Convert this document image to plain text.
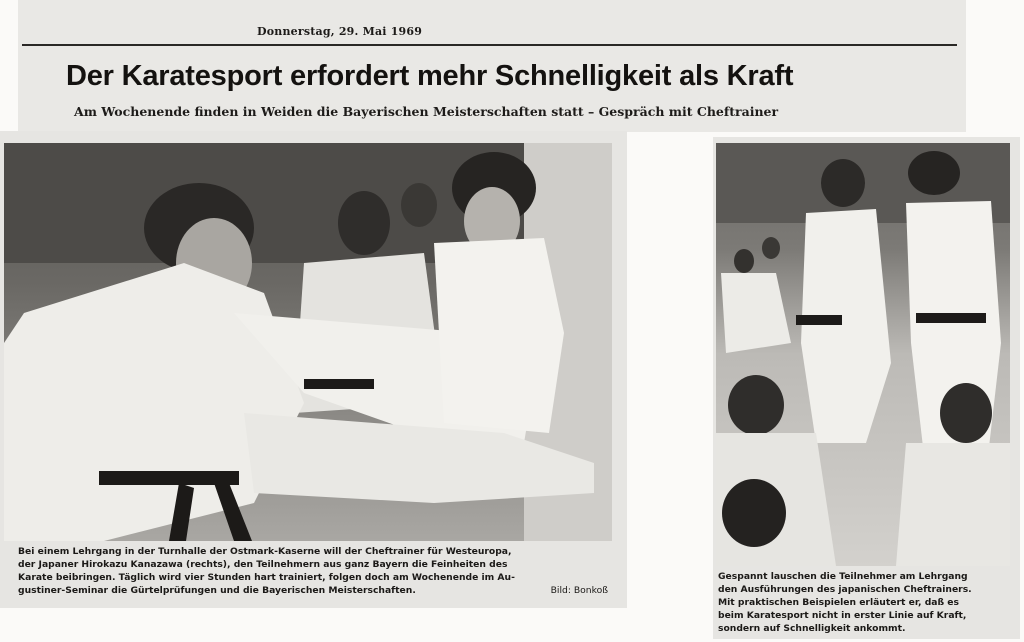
Donnerstag, 29. Mai 1969
Der Karatesport erfordert mehr Schnelligkeit als Kraft
Am Wochenende finden in Weiden die Bayerischen Meisterschaften statt – Gespräch mit Cheftrainer
Bei einem Lehrgang in der Turnhalle der Ostmark-Kaserne will der Cheftrainer für Westeuropa,
der Japaner Hirokazu Kanazawa (rechts), den Teilnehmern aus ganz Bayern die Feinheiten des
Karate beibringen. Täglich wird vier Stunden hart trainiert, folgen doch am Wochenende im Au-
gustiner-Seminar die Gürtelprüfungen und die Bayerischen Meisterschaften.	Bild: Bonkoß
Gespannt lauschen die Teilnehmer am Lehrgang
den Ausführungen des japanischen Cheftrainers.
Mit praktischen Beispielen erläutert er, daß es
beim Karatesport nicht in erster Linie auf Kraft,
sondern auf Schnelligkeit ankommt.
